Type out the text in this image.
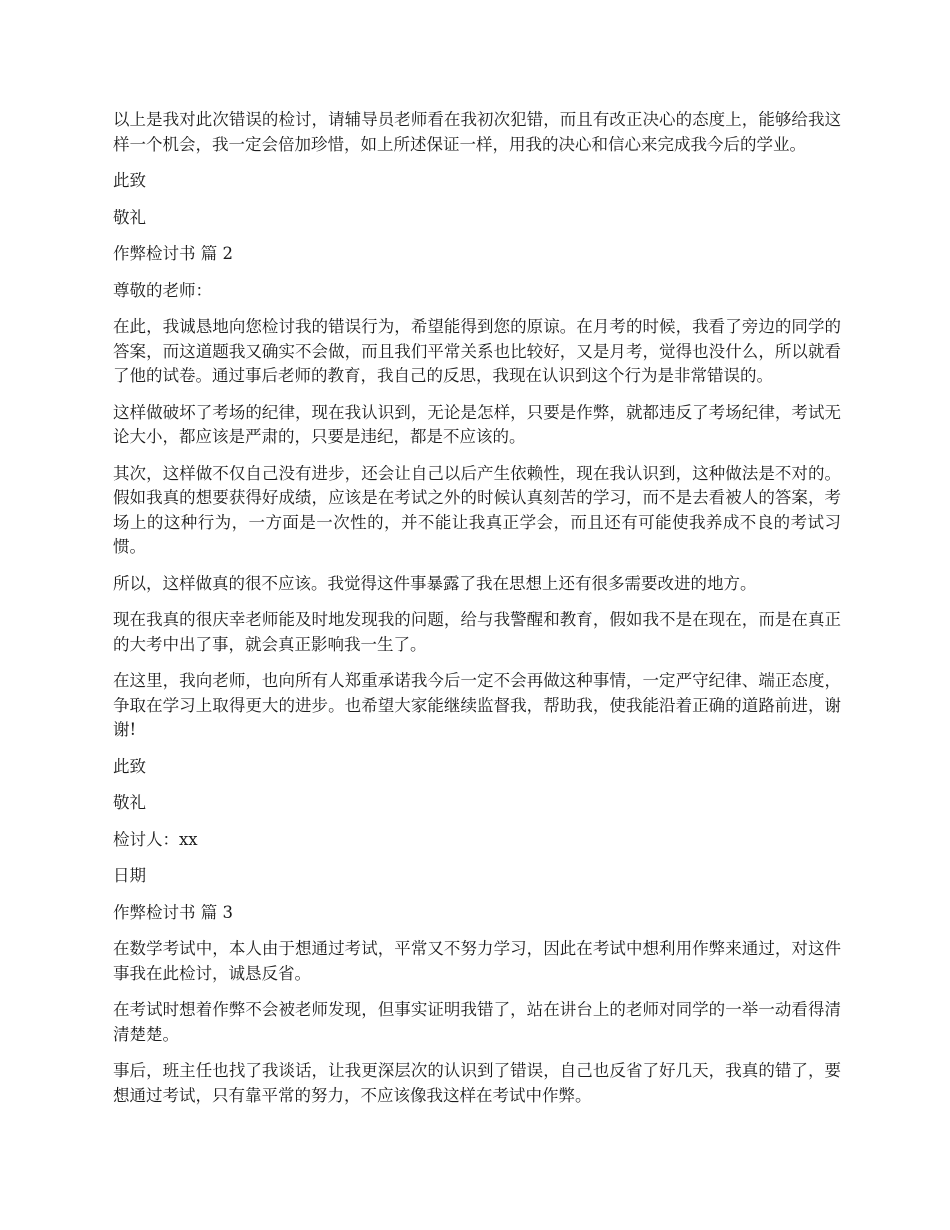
以上是我对此次错误的检讨，请辅导员老师看在我初次犯错，而且有改正决心的态度上，能够给我这样一个机会，我一定会倍加珍惜，如上所述保证一样，用我的决心和信心来完成我今后的学业。

此致

敬礼

作弊检讨书 篇 2

尊敬的老师：

在此，我诚恳地向您检讨我的错误行为，希望能得到您的原谅。在月考的时候，我看了旁边的同学的答案，而这道题我又确实不会做，而且我们平常关系也比较好，又是月考，觉得也没什么，所以就看了他的试卷。通过事后老师的教育，我自己的反思，我现在认识到这个行为是非常错误的。

这样做破坏了考场的纪律，现在我认识到，无论是怎样，只要是作弊，就都违反了考场纪律，考试无论大小，都应该是严肃的，只要是违纪，都是不应该的。

其次，这样做不仅自己没有进步，还会让自己以后产生依赖性，现在我认识到，这种做法是不对的。假如我真的想要获得好成绩，应该是在考试之外的时候认真刻苦的学习，而不是去看被人的答案，考场上的这种行为，一方面是一次性的，并不能让我真正学会，而且还有可能使我养成不良的考试习惯。

所以，这样做真的很不应该。我觉得这件事暴露了我在思想上还有很多需要改进的地方。

现在我真的很庆幸老师能及时地发现我的问题，给与我警醒和教育，假如我不是在现在，而是在真正的大考中出了事，就会真正影响我一生了。

在这里，我向老师，也向所有人郑重承诺我今后一定不会再做这种事情，一定严守纪律、端正态度，争取在学习上取得更大的进步。也希望大家能继续监督我，帮助我，使我能沿着正确的道路前进，谢谢!

此致

敬礼

检讨人：xx

日期

作弊检讨书 篇 3

在数学考试中，本人由于想通过考试，平常又不努力学习，因此在考试中想利用作弊来通过，对这件事我在此检讨，诚恳反省。

在考试时想着作弊不会被老师发现，但事实证明我错了，站在讲台上的老师对同学的一举一动看得清清楚楚。

事后，班主任也找了我谈话，让我更深层次的认识到了错误，自己也反省了好几天，我真的错了，要想通过考试，只有靠平常的努力，不应该像我这样在考试中作弊。
